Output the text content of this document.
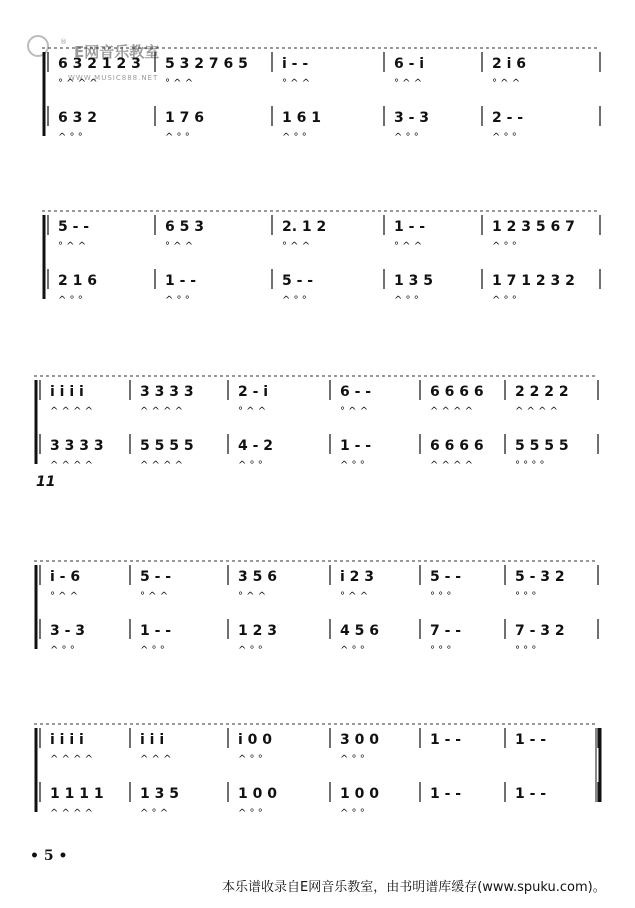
®
E网音乐教室
WWW.MUSIC888.NET
6 3 2 1 2 3
° ^ ^ ^
6 3 2
^ ° °
5 3 2 7 6 5
° ^ ^
1 7 6
^ ° °
i - -
° ^ ^
1 6 1
^ ° °
6 - i
° ^ ^
3 - 3
^ ° °
2 i 6
° ^ ^
2 - -
^ ° °
5 - -
° ^ ^
2 1 6
^ ° °
6 5 3
° ^ ^
1 - -
^ ° °
2. 1 2
° ^ ^
5 - -
^ ° °
1 - -
° ^ ^
1 3 5
^ ° °
1 2 3 5 6 7
^ ° °
1 7 1 2 3 2
^ ° °
i i i i
^ ^ ^ ^
3 3 3 3
^ ^ ^ ^
3 3 3 3
^ ^ ^ ^
5 5 5 5
^ ^ ^ ^
2 - i
° ^ ^
4 - 2
^ ° °
6 - -
° ^ ^
1 - -
^ ° °
6 6 6 6
^ ^ ^ ^
6 6 6 6
^ ^ ^ ^
2 2 2 2
^ ^ ^ ^
5 5 5 5
° ° ° °
11
i - 6
° ^ ^
3 - 3
^ ° °
5 - -
° ^ ^
1 - -
^ ° °
3 5 6
° ^ ^
1 2 3
^ ° °
i 2 3
° ^ ^
4 5 6
^ ° °
5 - -
° ° °
7 - -
° ° °
5 - 3 2
° ° °
7 - 3 2
° ° °
i i i i
^ ^ ^ ^
1 1 1 1
^ ^ ^ ^
i i i
^ ^ ^
1 3 5
^ ° ^
i 0 0
^ ° °
1 0 0
^ ° °
3 0 0
^ ° °
1 0 0
^ ° °
1 - -
1 - -
1 - -
1 - -
• 5 •
本乐谱收录自E网音乐教室，由书明谱库缓存(www.spuku.com)。
